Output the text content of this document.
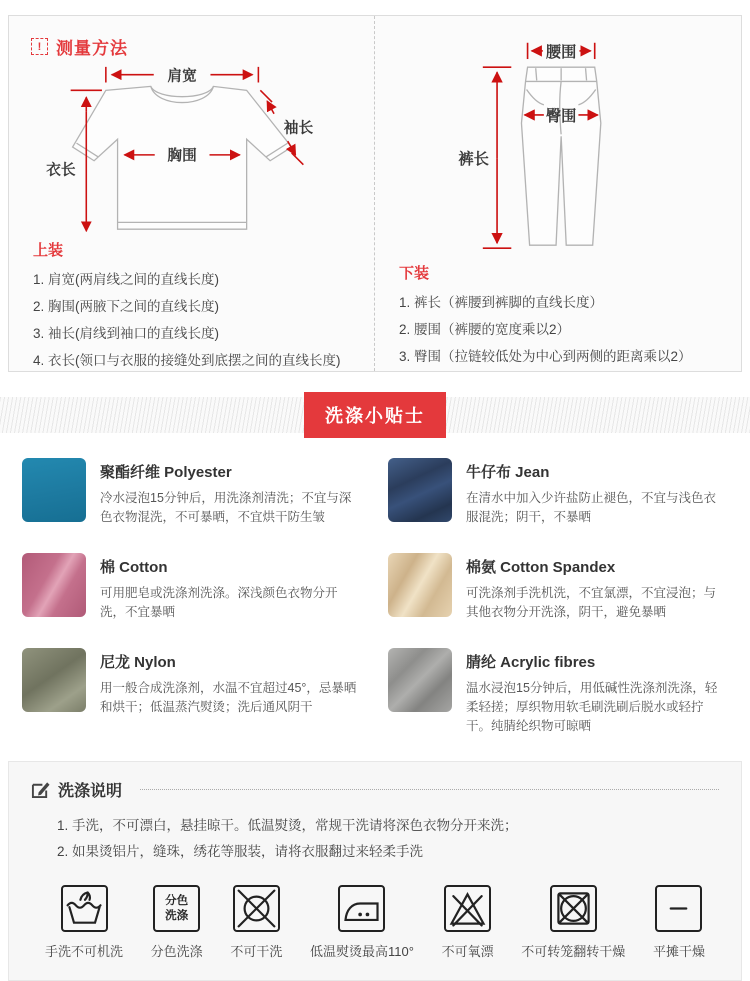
! 测量方法
肩宽
袖长
胸围
衣长
上装
1. 肩宽(两肩线之间的直线长度)
2. 胸围(两腋下之间的直线长度)
3. 袖长(肩线到袖口的直线长度)
4. 衣长(领口与衣服的接缝处到底摆之间的直线长度)
腰围
臀围
裤长
下装
1. 裤长（裤腰到裤脚的直线长度）
2. 腰围（裤腰的宽度乘以2）
3. 臀围（拉链较低处为中心到两侧的距离乘以2）
洗涤小贴士
聚酯纤维 Polyester

冷水浸泡15分钟后，用洗涤剂清洗；不宜与深色衣物混洗，不可暴晒，不宜烘干防生皱

牛仔布 Jean

在清水中加入少许盐防止褪色，不宜与浅色衣服混洗；阴干，不暴晒

棉 Cotton

可用肥皂或洗涤剂洗涤。深浅颜色衣物分开洗，不宜暴晒

棉氨 Cotton Spandex

可洗涤剂手洗机洗，不宜氯漂，不宜浸泡；与其他衣物分开洗涤，阴干，避免暴晒

尼龙 Nylon

用一般合成洗涤剂，水温不宜超过45°，忌暴晒和烘干；低温蒸汽熨烫；洗后通风阴干

腈纶 Acrylic fibres

温水浸泡15分钟后，用低碱性洗涤剂洗涤，轻柔轻搓；厚织物用软毛刷洗刷后脱水或轻拧干。纯腈纶织物可晾晒

洗涤说明
1. 手洗，不可漂白，悬挂晾干。低温熨烫，常规干洗请将深色衣物分开来洗；
2. 如果烫铝片，缝珠，绣花等服装，请将衣服翻过来轻柔手洗
手洗不可机洗
分色
洗涤
分色洗涤 不可干洗 低温熨烫最高110° 不可氧漂 不可转笼翻转干燥 平摊干燥
